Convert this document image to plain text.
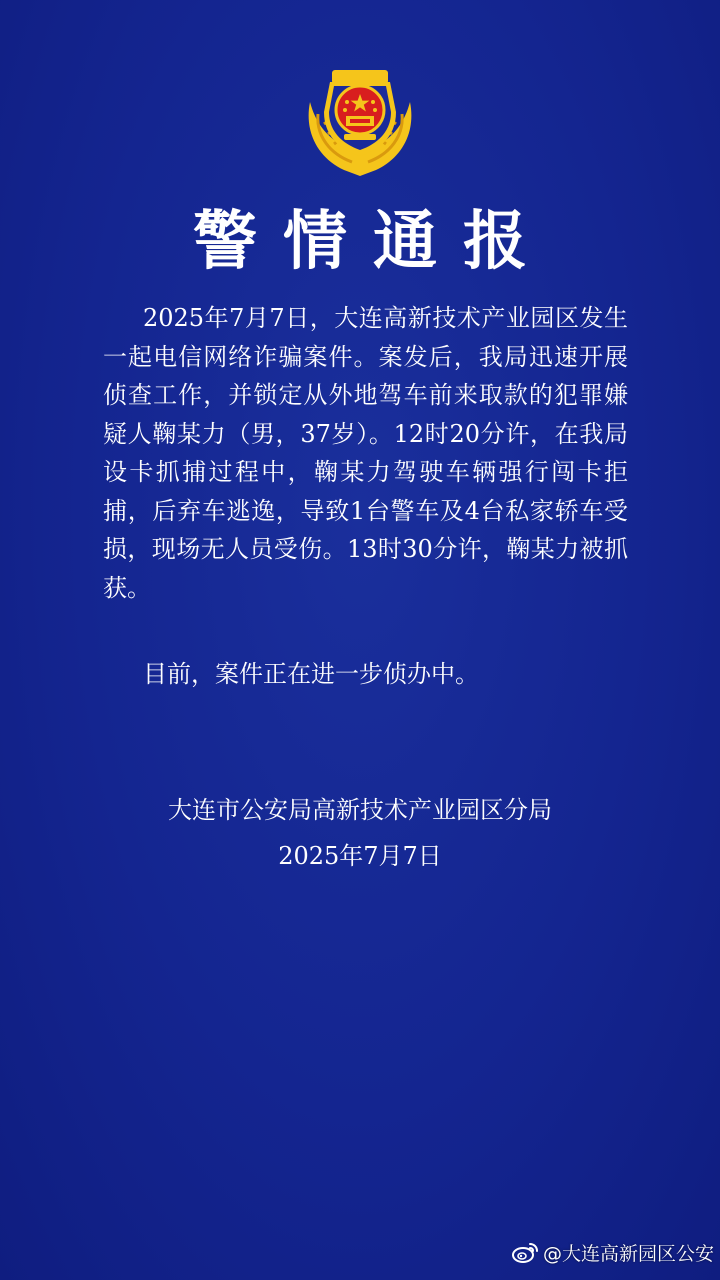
警情通报
2025年7月7日，大连高新技术产业园区发生
一起电信网络诈骗案件。案发后，我局迅速开展
侦查工作，并锁定从外地驾车前来取款的犯罪嫌
疑人鞠某力（男，37岁）。12时20分许，在我局
设卡抓捕过程中，鞠某力驾驶车辆强行闯卡拒
捕，后弃车逃逸，导致1台警车及4台私家轿车受
损，现场无人员受伤。13时30分许，鞠某力被抓
获。
目前，案件正在进一步侦办中。
大连市公安局高新技术产业园区分局
2025年7月7日
@大连高新园区公安
